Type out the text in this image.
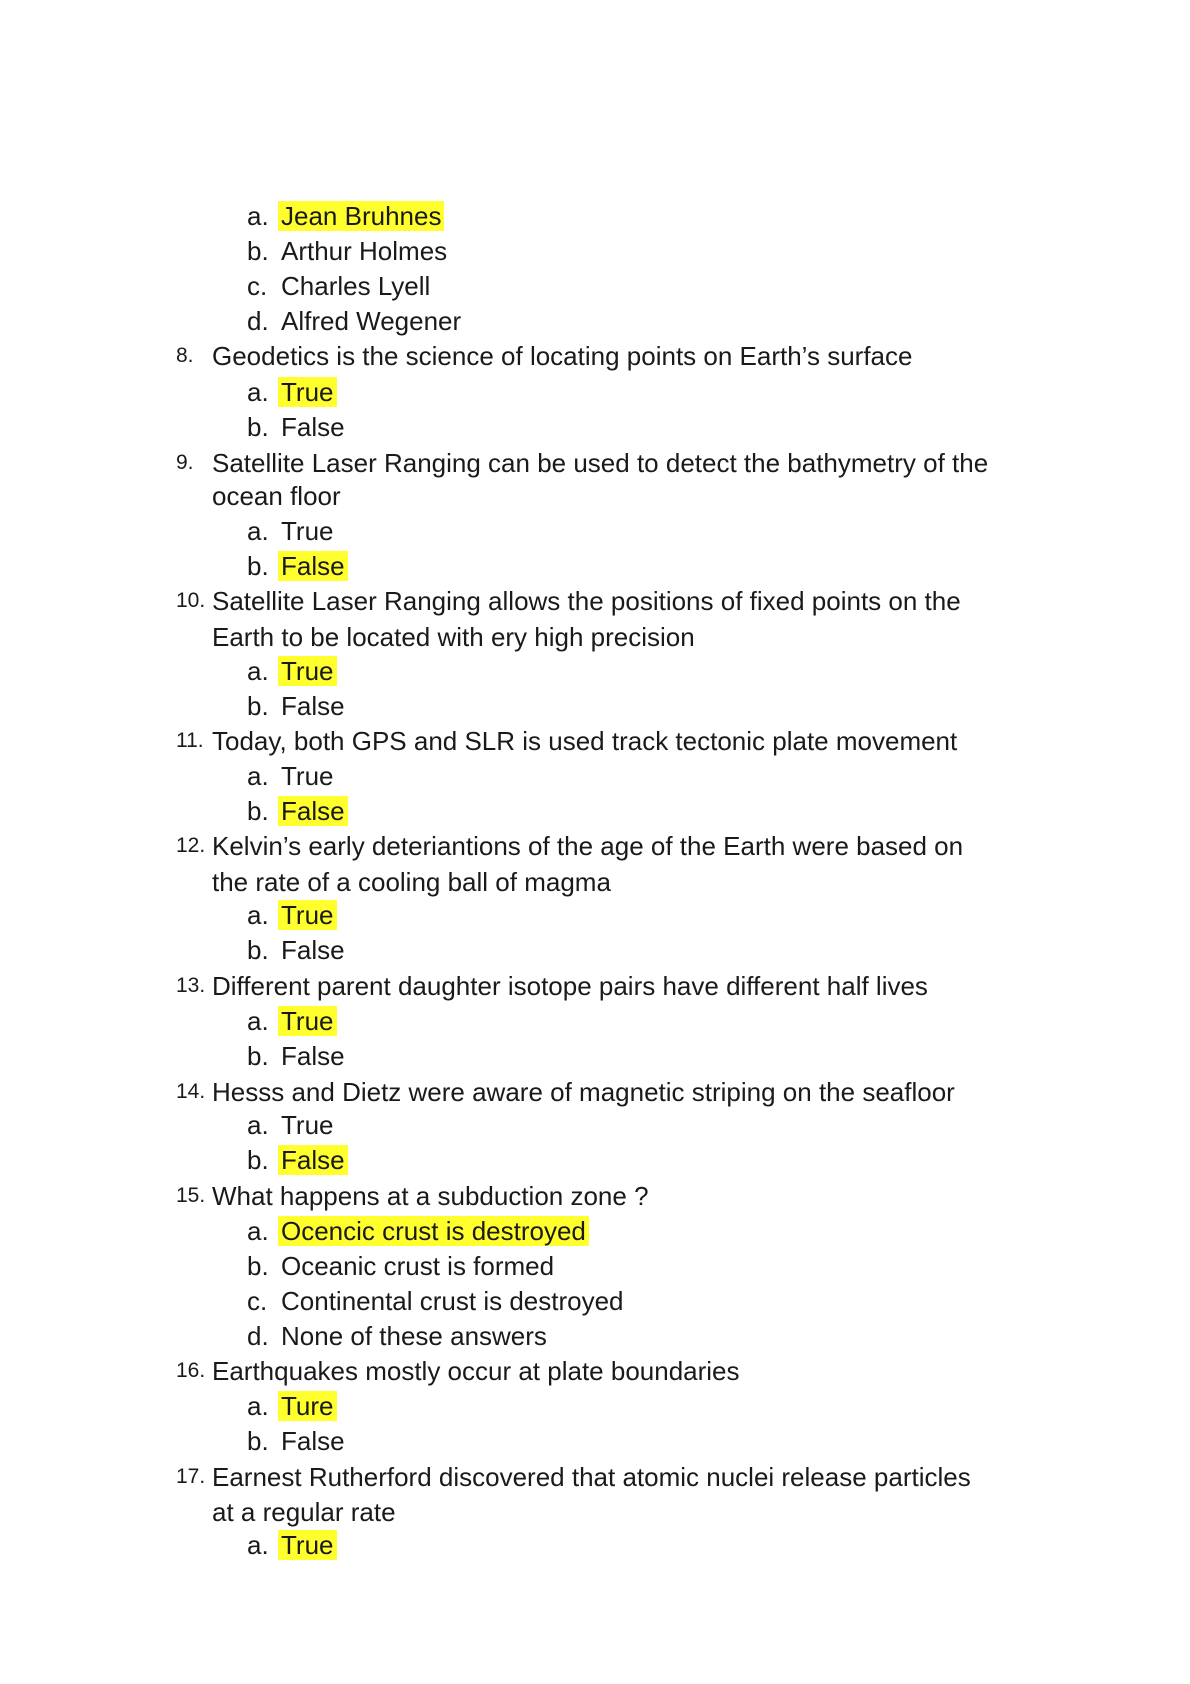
a. Jean Bruhnes
b. Arthur Holmes
c. Charles Lyell
d. Alfred Wegener
8. Geodetics is the science of locating points on Earth’s surface
a. True
b. False
9. Satellite Laser Ranging can be used to detect the bathymetry of the
ocean floor
a. True
b. False
10. Satellite Laser Ranging allows the positions of fixed points on the
Earth to be located with ery high precision
a. True
b. False
11. Today, both GPS and SLR is used track tectonic plate movement
a. True
b. False
12. Kelvin’s early deteriantions of the age of the Earth were based on
the rate of a cooling ball of magma
a. True
b. False
13. Different parent daughter isotope pairs have different half lives
a. True
b. False
14. Hesss and Dietz were aware of magnetic striping on the seafloor
a. True
b. False
15. What happens at a subduction zone ?
a. Ocencic crust is destroyed
b. Oceanic crust is formed
c. Continental crust is destroyed
d. None of these answers
16. Earthquakes mostly occur at plate boundaries
a. Ture
b. False
17. Earnest Rutherford discovered that atomic nuclei release particles
at a regular rate
a. True
